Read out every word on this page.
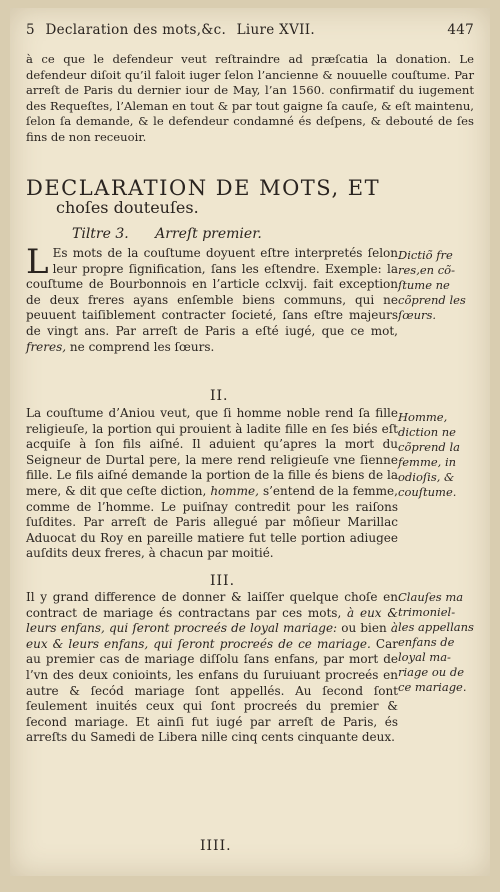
5 Declaration des mots,&c. Liure XVII.	447

à ce que le defendeur veut reſtraindre ad præſcatia la donation. Le defendeur diſoit qu’il faloit iuger ſelon l’ancienne & nouuelle couſtume. Par arreſt de Paris du dernier iour de May, l’an 1560. confirmatif du iugement des Requeſtes, l’Aleman en tout & par tout gaigne ſa cauſe, & eſt maintenu, ſelon ſa demande, & le defendeur condamné és deſpens, & debouté de ſes fins de non receuoir.

DECLARATION DE MOTS, ET
choſes douteuſes.
Tiltre 3. Arreſt premier.
L Es mots de la couſtume doyuent eſtre interpretés ſelon leur propre ſignification, ſans les eſtendre. Exemple: la couſtume de Bourbonnois en l’article cclxvij. fait exception de deux freres ayans enſemble biens communs, qui ne peuuent taiſiblement contracter ſocieté, ſans eſtre majeurs de vingt ans. Par arreſt de Paris a eſté iugé, que ce mot, freres, ne comprend les ſœurs.
II.
La couſtume d’Aniou veut, que ſi homme noble rend ſa fille religieuſe, la portion qui prouient à ladite fille en ſes biés eſt acquiſe à ſon fils aiſné. Il aduient qu’apres la mort du Seigneur de Durtal pere, la mere rend religieuſe vne ſienne fille. Le fils aiſné demande la portion de la fille és biens de la mere, & dit que ceſte diction, homme, s’entend de la femme, comme de l’homme. Le puiſnay contredit pour les raiſons ſuſdites. Par arreſt de Paris allegué par môſieur Marillac Aduocat du Roy en pareille matiere fut telle portion adiugee auſdits deux freres, à chacun par moitié.
III.
Il y grand difference de donner & laiſſer quelque choſe en contract de mariage és contractans par ces mots, à eux & leurs enfans, qui ſeront procreés de loyal mariage: ou bien à eux & leurs enfans, qui ſeront procreés de ce mariage. Car au premier cas de mariage diſſolu ſans enfans, par mort de l’vn des deux conioints, les enfans du ſuruiuant procreés en autre & ſecód mariage ſont appellés. Au ſecond ſont ſeulement inuités ceux qui ſont procreés du premier & ſecond mariage. Et ainſi fut iugé par arreſt de Paris, és arreſts du Samedi de Libera nille cinq cents cinquante deux.
IIII.
Dictiõ fre
res,en cõ-
ſtume ne
cõprend les
ſœurs.
Homme,
diction ne
cõprend la
femme, in
odioſis, &
couſtume.
Clauſes ma
trimoniel-
les appellans
enfans de
loyal ma-
riage ou de
ce mariage.
